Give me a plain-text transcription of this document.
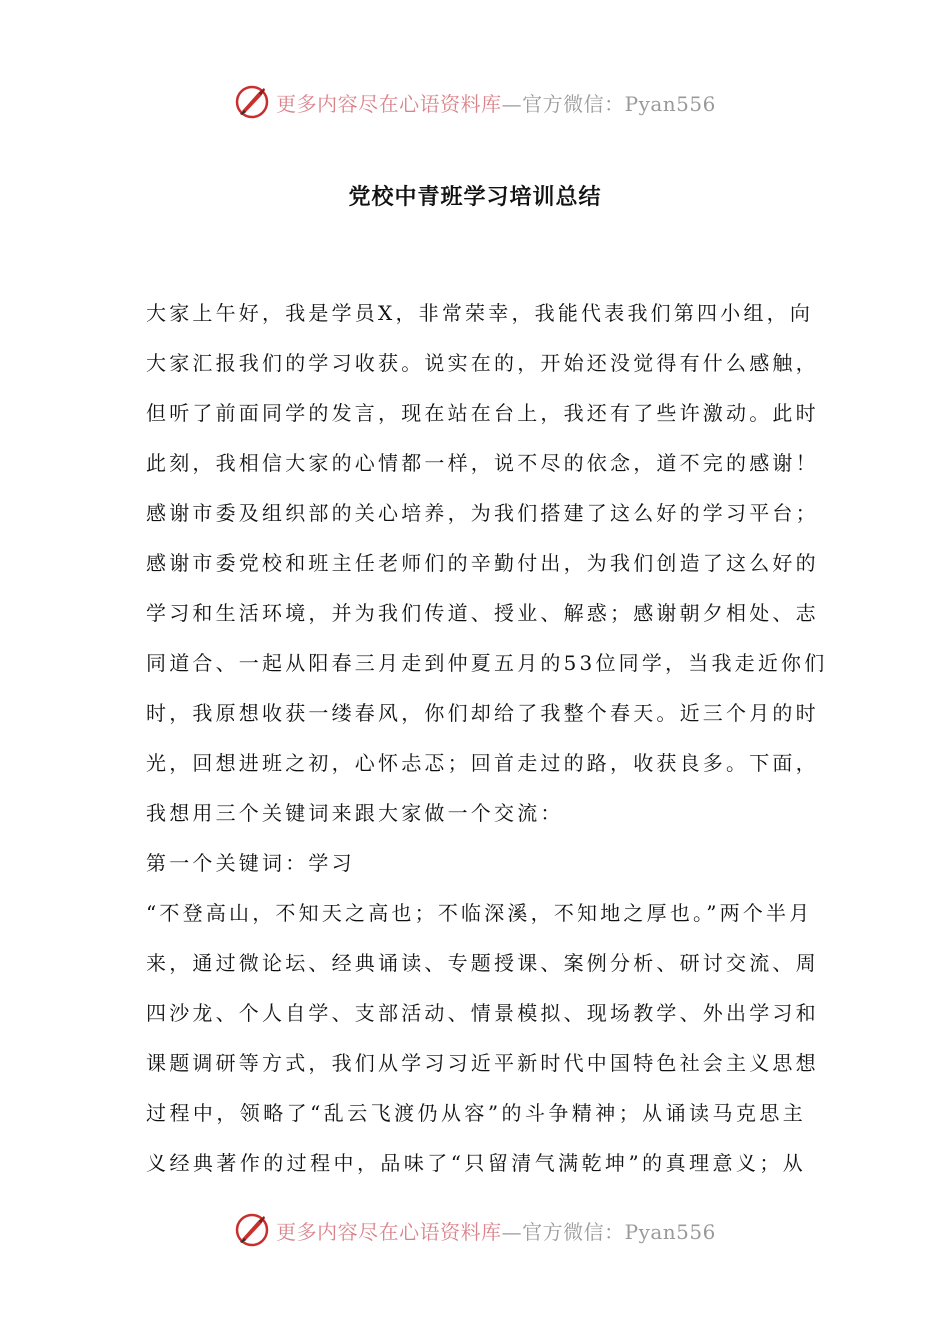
更多内容尽在心语资料库—官方微信：Pyan556
党校中青班学习培训总结
大家上午好，我是学员X，非常荣幸，我能代表我们第四小组，向
大家汇报我们的学习收获。说实在的，开始还没觉得有什么感触，
但听了前面同学的发言，现在站在台上，我还有了些许激动。此时
此刻，我相信大家的心情都一样，说不尽的依念，道不完的感谢！
感谢市委及组织部的关心培养，为我们搭建了这么好的学习平台；
感谢市委党校和班主任老师们的辛勤付出，为我们创造了这么好的
学习和生活环境，并为我们传道、授业、解惑；感谢朝夕相处、志
同道合、一起从阳春三月走到仲夏五月的53位同学，当我走近你们
时，我原想收获一缕春风，你们却给了我整个春天。近三个月的时
光，回想进班之初，心怀忐忑；回首走过的路，收获良多。下面，
我想用三个关键词来跟大家做一个交流：
第一个关键词：学习
“不登高山，不知天之高也；不临深溪，不知地之厚也。”两个半月
来，通过微论坛、经典诵读、专题授课、案例分析、研讨交流、周
四沙龙、个人自学、支部活动、情景模拟、现场教学、外出学习和
课题调研等方式，我们从学习习近平新时代中国特色社会主义思想
过程中，领略了“乱云飞渡仍从容”的斗争精神；从诵读马克思主
义经典著作的过程中，品味了“只留清气满乾坤”的真理意义；从
更多内容尽在心语资料库—官方微信：Pyan556
